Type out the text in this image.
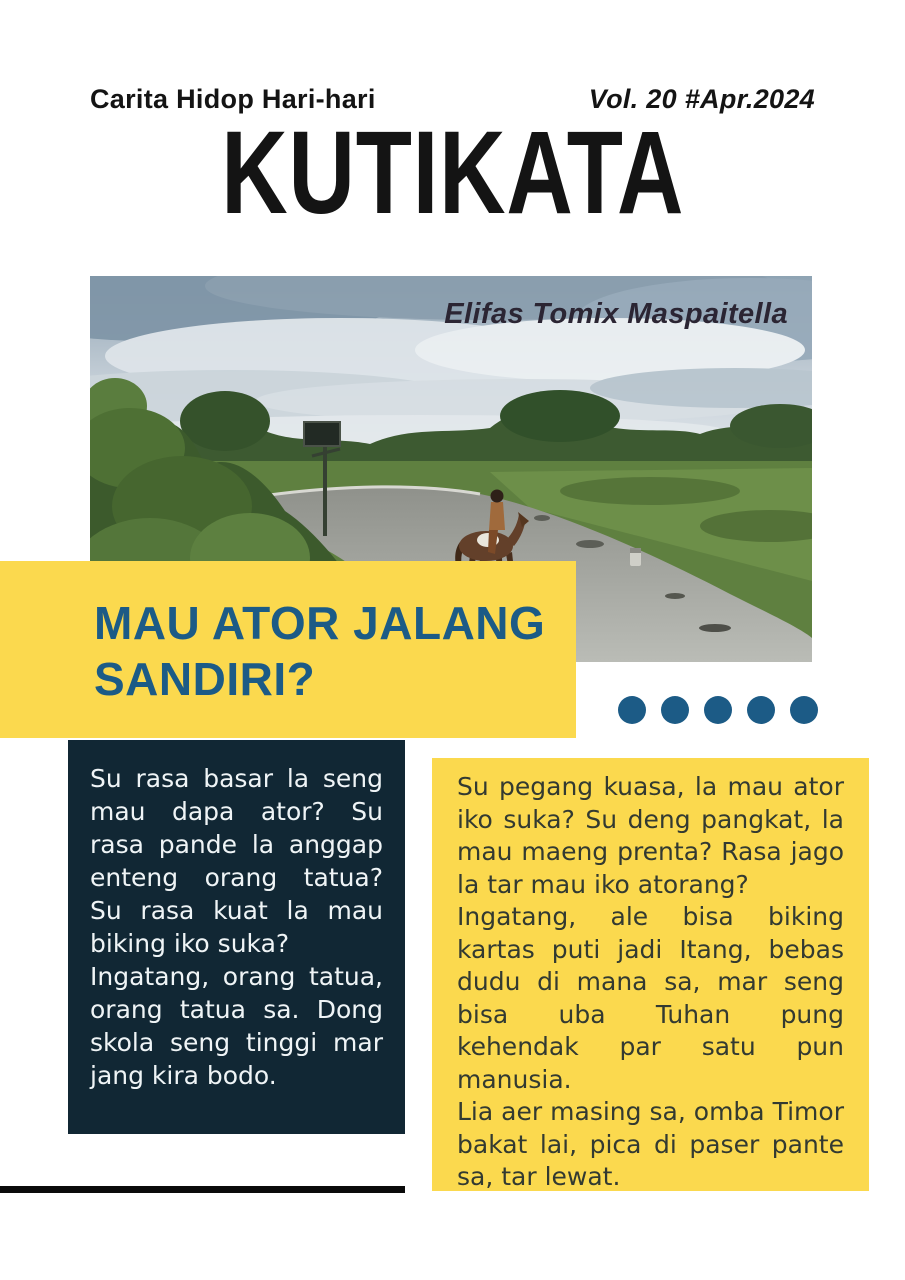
Carita Hidop Hari-hari	Vol. 20 #Apr.2024
KUTIKATA
Elifas Tomix Maspaitella
MAU ATOR JALANG SANDIRI?

Su rasa basar la seng mau dapa ator? Su rasa pande la anggap enteng orang tatua? Su rasa kuat la mau biking iko suka?

Ingatang, orang tatua, orang tatua sa. Dong skola seng tinggi mar jang kira bodo.

Su pegang kuasa, la mau ator iko suka? Su deng pangkat, la mau maeng prenta? Rasa jago la tar mau iko atorang?

Ingatang, ale bisa biking kartas puti jadi Itang, bebas dudu di mana sa, mar seng bisa uba Tuhan pung kehendak par satu pun manusia.

Lia aer masing sa, omba Timor bakat lai, pica di paser pante sa, tar lewat.
